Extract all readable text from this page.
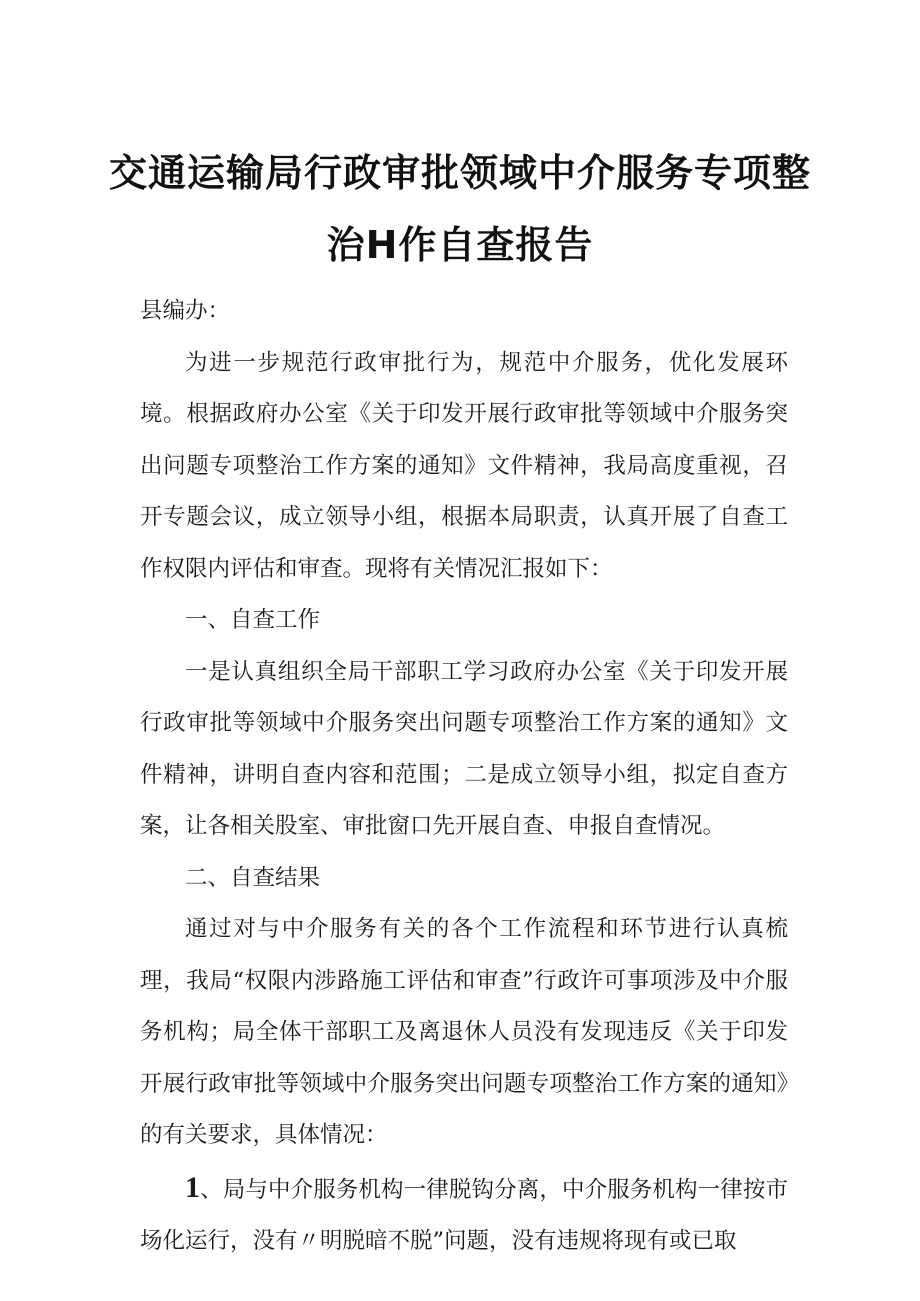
交通运输局行政审批领域中介服务专项整
治H作自查报告

县编办：

为进一步规范行政审批行为，规范中介服务，优化发展环境。根据政府办公室《关于印发开展行政审批等领域中介服务突出问题专项整治工作方案的通知》文件精神，我局高度重视，召开专题会议，成立领导小组，根据本局职责，认真开展了自查工作权限内评估和审查。现将有关情况汇报如下：

一、自查工作

一是认真组织全局干部职工学习政府办公室《关于印发开展行政审批等领域中介服务突出问题专项整治工作方案的通知》文件精神，讲明自查内容和范围；二是成立领导小组，拟定自查方案，让各相关股室、审批窗口先开展自查、申报自查情况。

二、自查结果

通过对与中介服务有关的各个工作流程和环节进行认真梳理，我局“权限内涉路施工评估和审查”行政许可事项涉及中介服务机构；局全体干部职工及离退休人员没有发现违反《关于印发开展行政审批等领域中介服务突出问题专项整治工作方案的通知》的有关要求，具体情况：

1、局与中介服务机构一律脱钩分离，中介服务机构一律按市场化运行，没有〃明脱暗不脱”问题，没有违规将现有或已取
